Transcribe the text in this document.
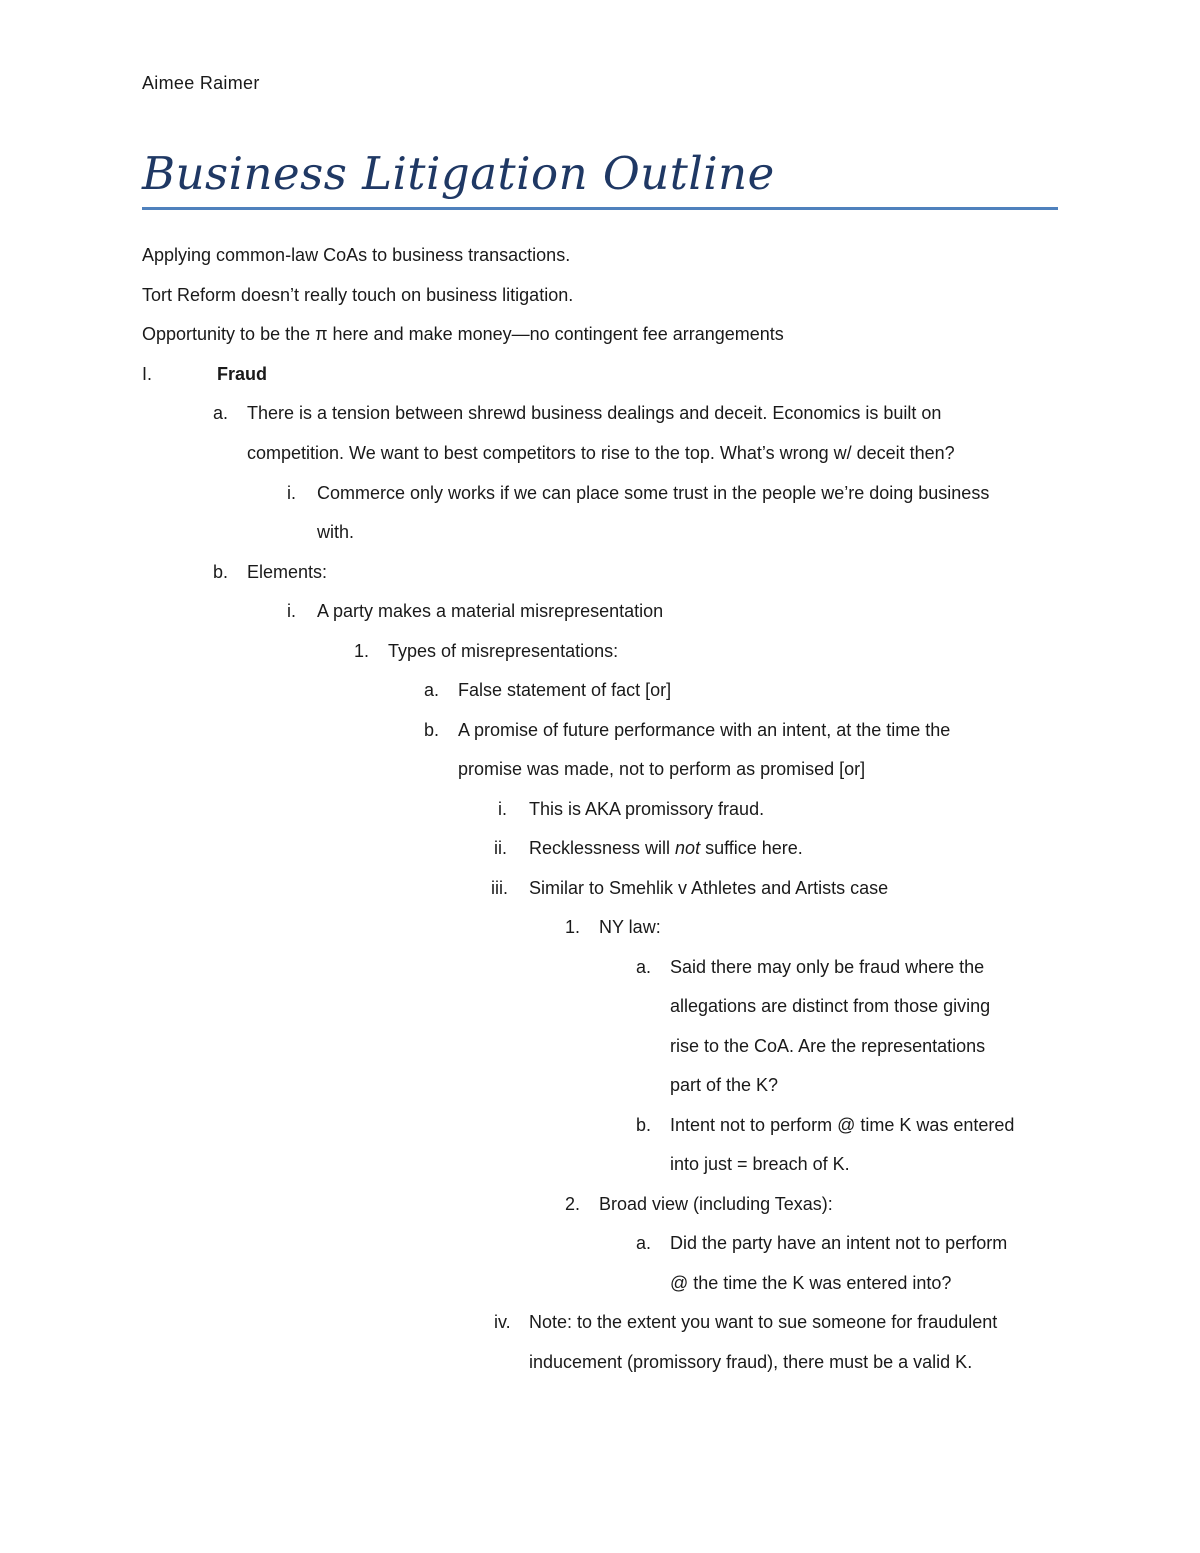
Aimee Raimer
Business Litigation Outline
Applying common-law CoAs to business transactions.
Tort Reform doesn’t really touch on business litigation.
Opportunity to be the π here and make money—no contingent fee arrangements
I.	Fraud
a. There is a tension between shrewd business dealings and deceit. Economics is built on
competition. We want to best competitors to rise to the top. What’s wrong w/ deceit then?
i. Commerce only works if we can place some trust in the people we’re doing business
with.
b. Elements:
i. A party makes a material misrepresentation
1. Types of misrepresentations:
a. False statement of fact [or]
b. A promise of future performance with an intent, at the time the
promise was made, not to perform as promised [or]
i. This is AKA promissory fraud.
ii. Recklessness will not suffice here.
iii. Similar to Smehlik v Athletes and Artists case
1. NY law:
a. Said there may only be fraud where the
allegations are distinct from those giving
rise to the CoA. Are the representations
part of the K?
b. Intent not to perform @ time K was entered
into just = breach of K.
2. Broad view (including Texas):
a. Did the party have an intent not to perform
@ the time the K was entered into?
iv. Note: to the extent you want to sue someone for fraudulent
inducement (promissory fraud), there must be a valid K.
